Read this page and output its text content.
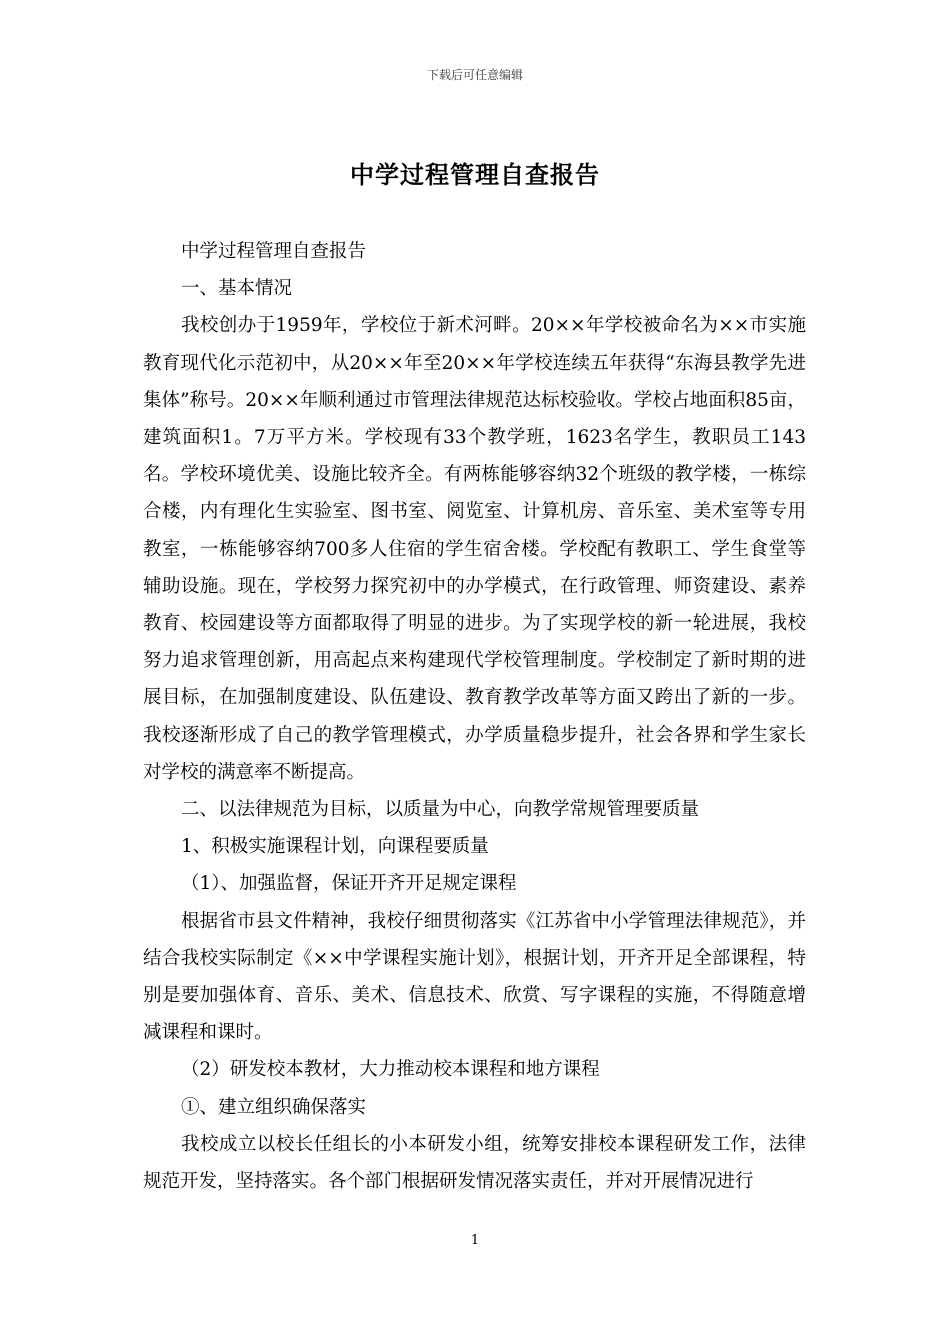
下载后可任意编辑
中学过程管理自查报告

中学过程管理自查报告

一、基本情况

我校创办于1959年，学校位于新术河畔。20××年学校被命名为××市实施教育现代化示范初中，从20××年至20××年学校连续五年获得“东海县教学先进集体”称号。20××年顺利通过市管理法律规范达标校验收。学校占地面积85亩，建筑面积1。7万平方米。学校现有33个教学班，1623名学生，教职员工143名。学校环境优美、设施比较齐全。有两栋能够容纳32个班级的教学楼，一栋综合楼，内有理化生实验室、图书室、阅览室、计算机房、音乐室、美术室等专用教室，一栋能够容纳700多人住宿的学生宿舍楼。学校配有教职工、学生食堂等辅助设施。现在，学校努力探究初中的办学模式，在行政管理、师资建设、素养教育、校园建设等方面都取得了明显的进步。为了实现学校的新一轮进展，我校努力追求管理创新，用高起点来构建现代学校管理制度。学校制定了新时期的进展目标，在加强制度建设、队伍建设、教育教学改革等方面又跨出了新的一步。我校逐渐形成了自己的教学管理模式，办学质量稳步提升，社会各界和学生家长对学校的满意率不断提高。

二、以法律规范为目标，以质量为中心，向教学常规管理要质量

1、积极实施课程计划，向课程要质量

（1）、加强监督，保证开齐开足规定课程

根据省市县文件精神，我校仔细贯彻落实《江苏省中小学管理法律规范》，并结合我校实际制定《××中学课程实施计划》，根据计划，开齐开足全部课程，特别是要加强体育、音乐、美术、信息技术、欣赏、写字课程的实施，不得随意增减课程和课时。

（2）研发校本教材，大力推动校本课程和地方课程

①、建立组织确保落实

我校成立以校长任组长的小本研发小组，统筹安排校本课程研发工作，法律规范开发，坚持落实。各个部门根据研发情况落实责任，并对开展情况进行

1
